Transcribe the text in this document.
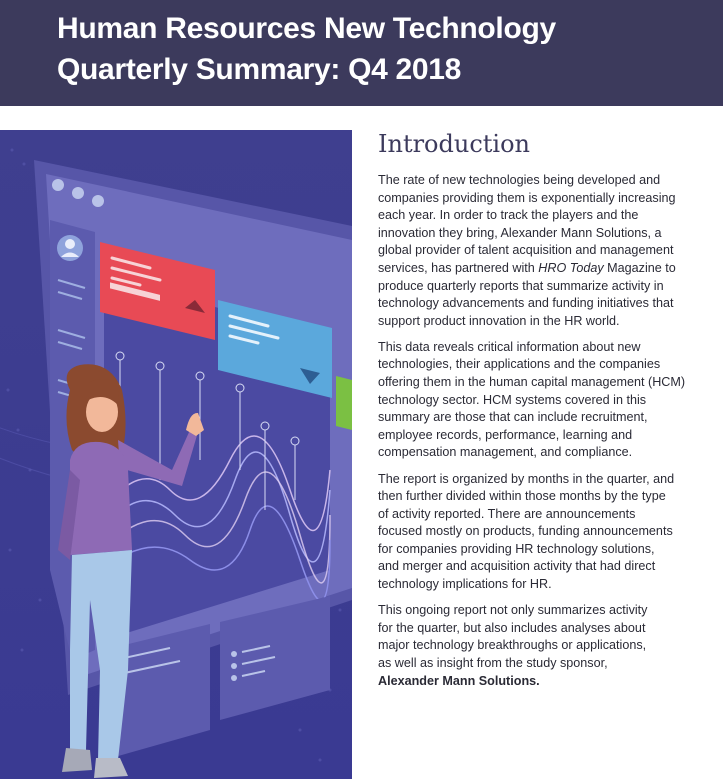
Human Resources New Technology
Quarterly Summary: Q4 2018
Introduction

The rate of new technologies being developed and
companies providing them is exponentially increasing
each year. In order to track the players and the
innovation they bring, Alexander Mann Solutions, a
global provider of talent acquisition and management
services, has partnered with HRO Today Magazine to
produce quarterly reports that summarize activity in
technology advancements and funding initiatives that
support product innovation in the HR world.

This data reveals critical information about new
technologies, their applications and the companies
offering them in the human capital management (HCM)
technology sector. HCM systems covered in this
summary are those that can include recruitment,
employee records, performance, learning and
compensation management, and compliance.

The report is organized by months in the quarter, and
then further divided within those months by the type
of activity reported. There are announcements
focused mostly on products, funding announcements
for companies providing HR technology solutions,
and merger and acquisition activity that had direct
technology implications for HR.

This ongoing report not only summarizes activity
for the quarter, but also includes analyses about
major technology breakthroughs or applications,
as well as insight from the study sponsor,
Alexander Mann Solutions.
